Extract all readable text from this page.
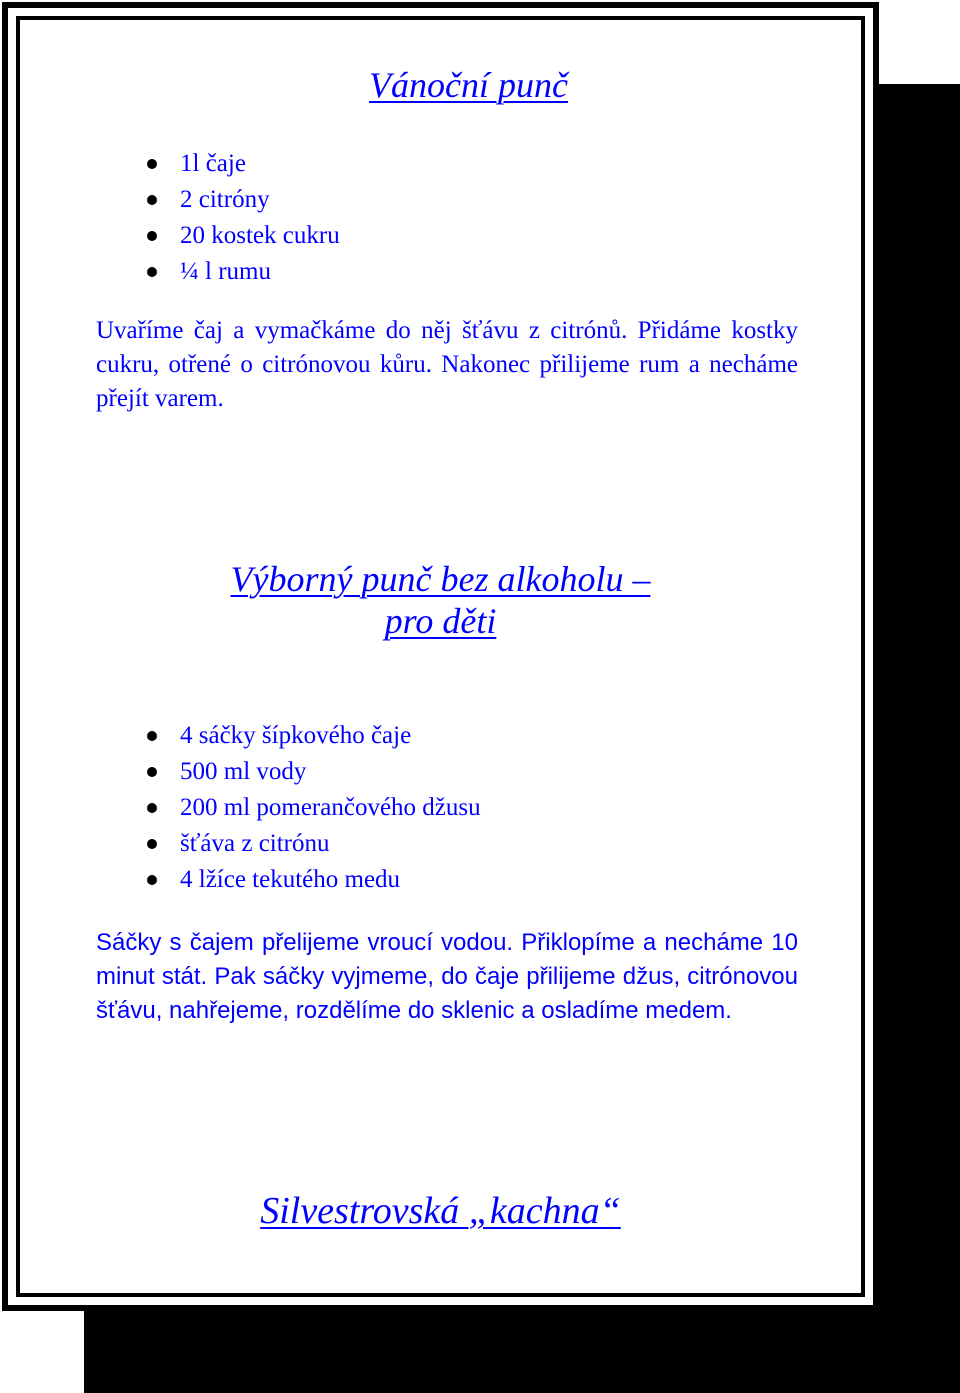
Vánoční punč
1l čaje
2 citróny
20 kostek cukru
¼ l rumu

Uvaříme čaj a vymačkáme do něj šťávu z citrónů. Přidáme kostky cukru, otřené o citrónovou kůru. Nakonec přilijeme rum a necháme přejít varem.

Výborný punč bez alkoholu –
pro děti
4 sáčky šípkového čaje
500 ml vody
200 ml pomerančového džusu
šťáva z citrónu
4 lžíce tekutého medu

Sáčky s čajem přelijeme vroucí vodou. Přiklopíme a necháme 10 minut stát. Pak sáčky vyjmeme, do čaje přilijeme džus, citrónovou šťávu, nahřejeme, rozdělíme do sklenic a osladíme medem.

Silvestrovská „kachna“
